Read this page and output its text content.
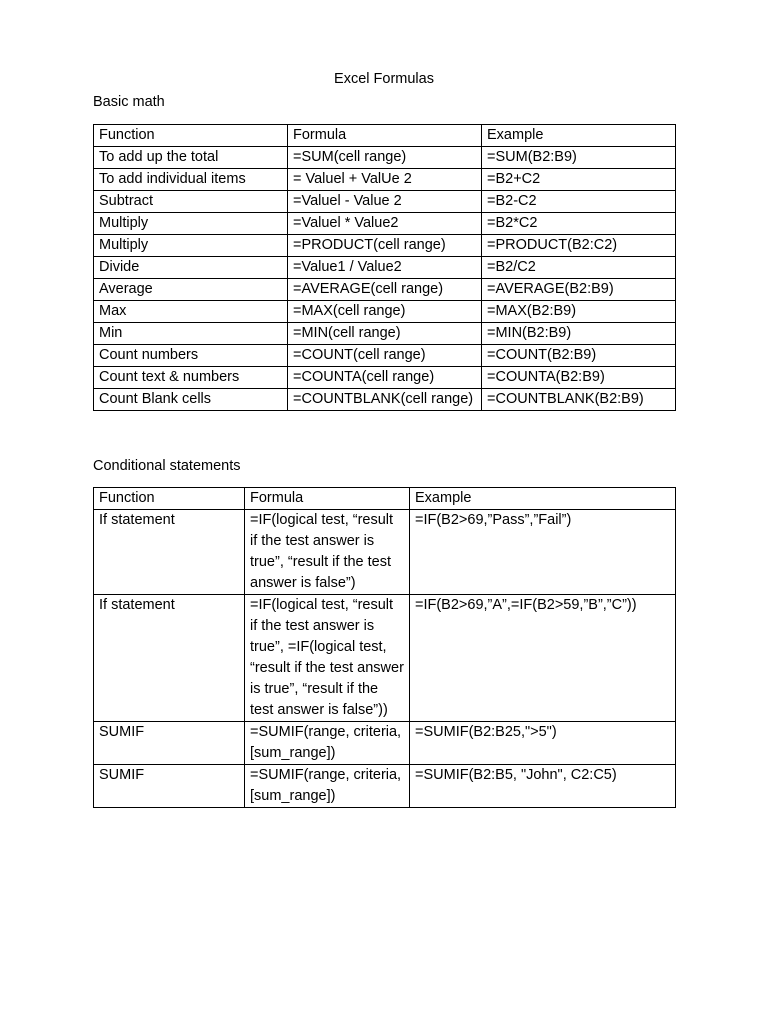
Excel Formulas
Basic math
Function	Formula	Example
To add up the total	=SUM(cell range)	=SUM(B2:B9)
To add individual items	= Valuel + ValUe 2	=B2+C2
Subtract	=Valuel - Value 2	=B2-C2
Multiply	=Valuel * Value2	=B2*C2
Multiply	=PRODUCT(cell range)	=PRODUCT(B2:C2)
Divide	=Value1 / Value2	=B2/C2
Average	=AVERAGE(cell range)	=AVERAGE(B2:B9)
Max	=MAX(cell range)	=MAX(B2:B9)
Min	=MIN(cell range)	=MIN(B2:B9)
Count numbers	=COUNT(cell range)	=COUNT(B2:B9)
Count text & numbers	=COUNTA(cell range)	=COUNTA(B2:B9)
Count Blank cells	=COUNTBLANK(cell range)	=COUNTBLANK(B2:B9)
Conditional statements
Function	Formula	Example
If statement	=IF(logical test, “result if the test answer is true”, “result if the test answer is false”)	=IF(B2>69,”Pass”,”Fail”)
If statement	=IF(logical test, “result if the test answer is true”, =IF(logical test, “result if the test answer is true”, “result if the test answer is false”))	=IF(B2>69,”A”,=IF(B2>59,”B”,”C”))
SUMIF	=SUMIF(range, criteria, [sum_range])	=SUMIF(B2:B25,">5")
SUMIF	=SUMIF(range, criteria, [sum_range])	=SUMIF(B2:B5, "John", C2:C5)
